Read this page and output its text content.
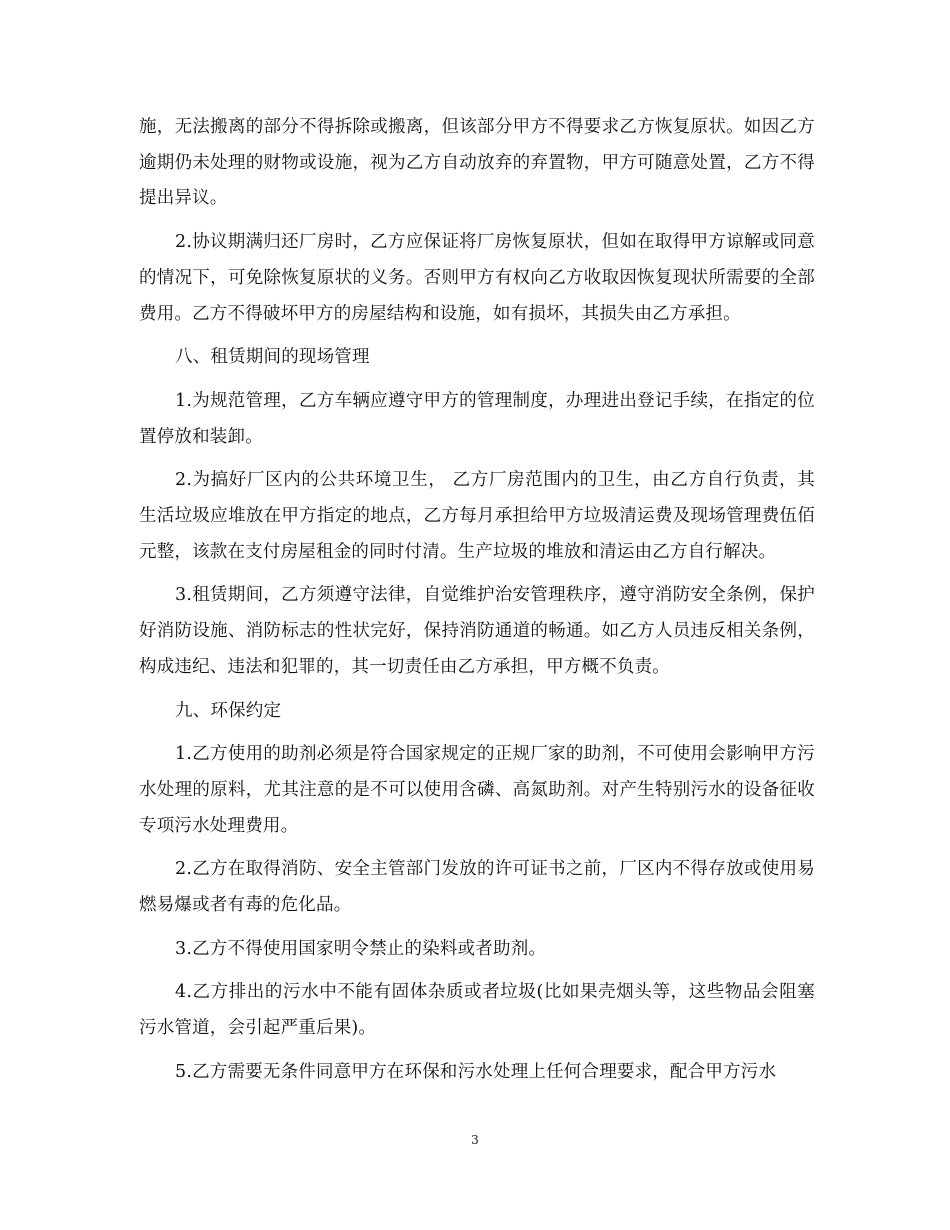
施，无法搬离的部分不得拆除或搬离，但该部分甲方不得要求乙方恢复原状。如因乙方逾期仍未处理的财物或设施，视为乙方自动放弃的弃置物，甲方可随意处置，乙方不得提出异议。

2.协议期满归还厂房时，乙方应保证将厂房恢复原状，但如在取得甲方谅解或同意的情况下，可免除恢复原状的义务。否则甲方有权向乙方收取因恢复现状所需要的全部费用。乙方不得破坏甲方的房屋结构和设施，如有损坏，其损失由乙方承担。

八、租赁期间的现场管理

1.为规范管理，乙方车辆应遵守甲方的管理制度，办理进出登记手续，在指定的位置停放和装卸。

2.为搞好厂区内的公共环境卫生， 乙方厂房范围内的卫生，由乙方自行负责，其生活垃圾应堆放在甲方指定的地点，乙方每月承担给甲方垃圾清运费及现场管理费伍佰元整，该款在支付房屋租金的同时付清。生产垃圾的堆放和清运由乙方自行解决。

3.租赁期间，乙方须遵守法律，自觉维护治安管理秩序，遵守消防安全条例，保护好消防设施、消防标志的性状完好，保持消防通道的畅通。如乙方人员违反相关条例，构成违纪、违法和犯罪的，其一切责任由乙方承担，甲方概不负责。

九、环保约定

1.乙方使用的助剂必须是符合国家规定的正规厂家的助剂，不可使用会影响甲方污水处理的原料，尤其注意的是不可以使用含磷、高氮助剂。对产生特别污水的设备征收专项污水处理费用。

2.乙方在取得消防、安全主管部门发放的许可证书之前，厂区内不得存放或使用易燃易爆或者有毒的危化品。

3.乙方不得使用国家明令禁止的染料或者助剂。

4.乙方排出的污水中不能有固体杂质或者垃圾(比如果壳烟头等，这些物品会阻塞污水管道，会引起严重后果)。

5.乙方需要无条件同意甲方在环保和污水处理上任何合理要求，配合甲方污水

3
